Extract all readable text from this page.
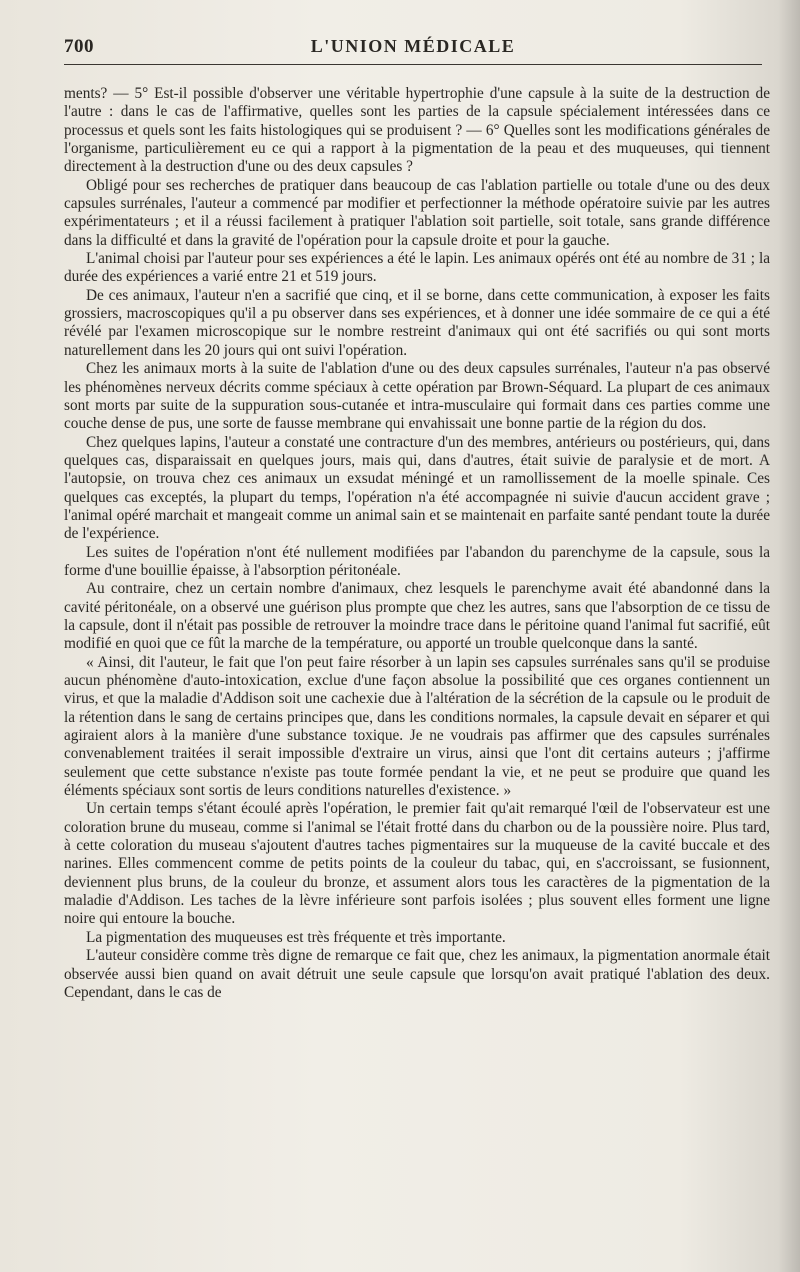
700	L'UNION MÉDICALE

ments? — 5° Est-il possible d'observer une véritable hypertrophie d'une capsule à la suite de la destruction de l'autre : dans le cas de l'affirmative, quelles sont les parties de la capsule spécialement intéressées dans ce processus et quels sont les faits histologiques qui se produisent ? — 6° Quelles sont les modifications générales de l'organisme, particulièrement eu ce qui a rapport à la pigmentation de la peau et des muqueuses, qui tiennent directement à la destruction d'une ou des deux capsules ?

Obligé pour ses recherches de pratiquer dans beaucoup de cas l'ablation partielle ou totale d'une ou des deux capsules surrénales, l'auteur a commencé par modifier et perfectionner la méthode opératoire suivie par les autres expérimentateurs ; et il a réussi facilement à pratiquer l'ablation soit partielle, soit totale, sans grande différence dans la difficulté et dans la gravité de l'opération pour la capsule droite et pour la gauche.

L'animal choisi par l'auteur pour ses expériences a été le lapin. Les animaux opérés ont été au nombre de 31 ; la durée des expériences a varié entre 21 et 519 jours.

De ces animaux, l'auteur n'en a sacrifié que cinq, et il se borne, dans cette communication, à exposer les faits grossiers, macroscopiques qu'il a pu observer dans ses expériences, et à donner une idée sommaire de ce qui a été révélé par l'examen microscopique sur le nombre restreint d'animaux qui ont été sacrifiés ou qui sont morts naturellement dans les 20 jours qui ont suivi l'opération.

Chez les animaux morts à la suite de l'ablation d'une ou des deux capsules surrénales, l'auteur n'a pas observé les phénomènes nerveux décrits comme spéciaux à cette opération par Brown-Séquard. La plupart de ces animaux sont morts par suite de la suppuration sous-cutanée et intra-musculaire qui formait dans ces parties comme une couche dense de pus, une sorte de fausse membrane qui envahissait une bonne partie de la région du dos.

Chez quelques lapins, l'auteur a constaté une contracture d'un des membres, antérieurs ou postérieurs, qui, dans quelques cas, disparaissait en quelques jours, mais qui, dans d'autres, était suivie de paralysie et de mort. A l'autopsie, on trouva chez ces animaux un exsudat méningé et un ramollissement de la moelle spinale. Ces quelques cas exceptés, la plupart du temps, l'opération n'a été accompagnée ni suivie d'aucun accident grave ; l'animal opéré marchait et mangeait comme un animal sain et se maintenait en parfaite santé pendant toute la durée de l'expérience.

Les suites de l'opération n'ont été nullement modifiées par l'abandon du parenchyme de la capsule, sous la forme d'une bouillie épaisse, à l'absorption péritonéale.

Au contraire, chez un certain nombre d'animaux, chez lesquels le parenchyme avait été abandonné dans la cavité péritonéale, on a observé une guérison plus prompte que chez les autres, sans que l'absorption de ce tissu de la capsule, dont il n'était pas possible de retrouver la moindre trace dans le péritoine quand l'animal fut sacrifié, eût modifié en quoi que ce fût la marche de la température, ou apporté un trouble quelconque dans la santé.

« Ainsi, dit l'auteur, le fait que l'on peut faire résorber à un lapin ses capsules surrénales sans qu'il se produise aucun phénomène d'auto-intoxication, exclue d'une façon absolue la possibilité que ces organes contiennent un virus, et que la maladie d'Addison soit une cachexie due à l'altération de la sécrétion de la capsule ou le produit de la rétention dans le sang de certains principes que, dans les conditions normales, la capsule devait en séparer et qui agiraient alors à la manière d'une substance toxique. Je ne voudrais pas affirmer que des capsules surrénales convenablement traitées il serait impossible d'extraire un virus, ainsi que l'ont dit certains auteurs ; j'affirme seulement que cette substance n'existe pas toute formée pendant la vie, et ne peut se produire que quand les éléments spéciaux sont sortis de leurs conditions naturelles d'existence. »

Un certain temps s'étant écoulé après l'opération, le premier fait qu'ait remarqué l'œil de l'observateur est une coloration brune du museau, comme si l'animal se l'était frotté dans du charbon ou de la poussière noire. Plus tard, à cette coloration du museau s'ajoutent d'autres taches pigmentaires sur la muqueuse de la cavité buccale et des narines. Elles commencent comme de petits points de la couleur du tabac, qui, en s'accroissant, se fusionnent, deviennent plus bruns, de la couleur du bronze, et assument alors tous les caractères de la pigmentation de la maladie d'Addison. Les taches de la lèvre inférieure sont parfois isolées ; plus souvent elles forment une ligne noire qui entoure la bouche.

La pigmentation des muqueuses est très fréquente et très importante.

L'auteur considère comme très digne de remarque ce fait que, chez les animaux, la pigmentation anormale était observée aussi bien quand on avait détruit une seule capsule que lorsqu'on avait pratiqué l'ablation des deux. Cependant, dans le cas de
